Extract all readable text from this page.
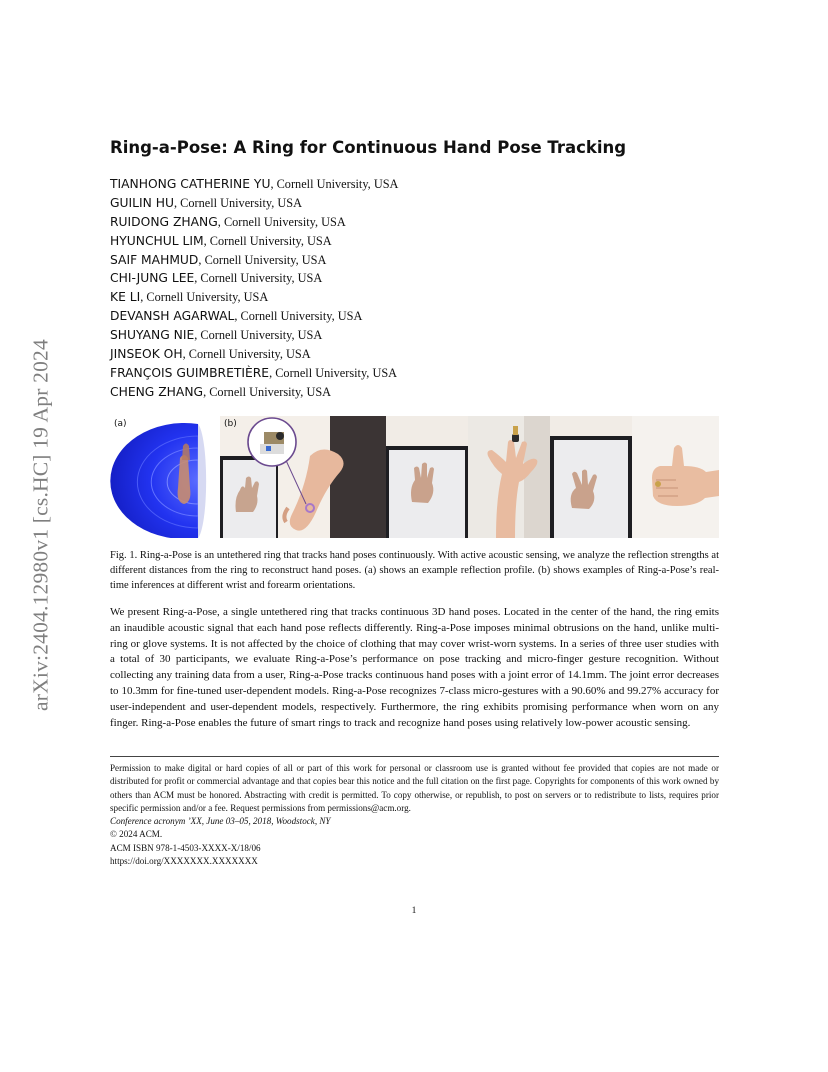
arXiv:2404.12980v1 [cs.HC] 19 Apr 2024
Ring-a-Pose: A Ring for Continuous Hand Pose Tracking
TIANHONG CATHERINE YU, Cornell University, USA
GUILIN HU, Cornell University, USA
RUIDONG ZHANG, Cornell University, USA
HYUNCHUL LIM, Cornell University, USA
SAIF MAHMUD, Cornell University, USA
CHI-JUNG LEE, Cornell University, USA
KE LI, Cornell University, USA
DEVANSH AGARWAL, Cornell University, USA
SHUYANG NIE, Cornell University, USA
JINSEOK OH, Cornell University, USA
FRANÇOIS GUIMBRETIÈRE, Cornell University, USA
CHENG ZHANG, Cornell University, USA
(a)	(b)

Fig. 1. Ring-a-Pose is an untethered ring that tracks hand poses continuously. With active acoustic sensing, we analyze the reflection strengths at different distances from the ring to reconstruct hand poses. (a) shows an example reflection profile. (b) shows examples of Ring-a-Pose’s real-time inferences at different wrist and forearm orientations.

We present Ring-a-Pose, a single untethered ring that tracks continuous 3D hand poses. Located in the center of the hand, the ring emits an inaudible acoustic signal that each hand pose reflects differently. Ring-a-Pose imposes minimal obtrusions on the hand, unlike multi-ring or glove systems. It is not affected by the choice of clothing that may cover wrist-worn systems. In a series of three user studies with a total of 30 participants, we evaluate Ring-a-Pose’s performance on pose tracking and micro-finger gesture recognition. Without collecting any training data from a user, Ring-a-Pose tracks continuous hand poses with a joint error of 14.1mm. The joint error decreases to 10.3mm for fine-tuned user-dependent models. Ring-a-Pose recognizes 7-class micro-gestures with a 90.60% and 99.27% accuracy for user-independent and user-dependent models, respectively. Furthermore, the ring exhibits promising performance when worn on any finger. Ring-a-Pose enables the future of smart rings to track and recognize hand poses using relatively low-power acoustic sensing.

Permission to make digital or hard copies of all or part of this work for personal or classroom use is granted without fee provided that copies are not made or distributed for profit or commercial advantage and that copies bear this notice and the full citation on the first page. Copyrights for components of this work owned by others than ACM must be honored. Abstracting with credit is permitted. To copy otherwise, or republish, to post on servers or to redistribute to lists, requires prior specific permission and/or a fee. Request permissions from permissions@acm.org.

Conference acronym ’XX, June 03–05, 2018, Woodstock, NY

© 2024 ACM.

ACM ISBN 978-1-4503-XXXX-X/18/06

https://doi.org/XXXXXXX.XXXXXXX

1
